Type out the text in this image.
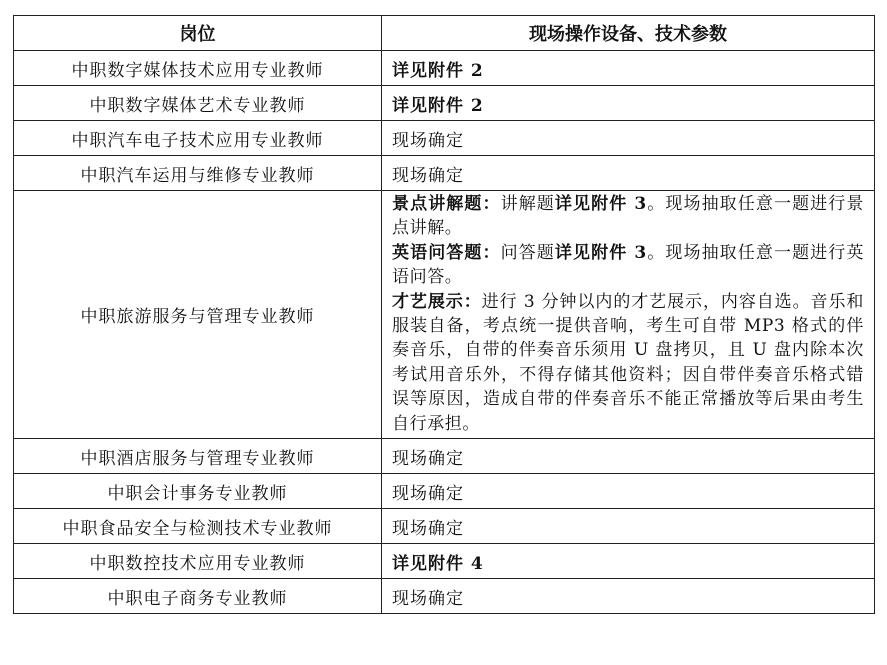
岗位	现场操作设备、技术参数
中职数字媒体技术应用专业教师	详见附件 2
中职数字媒体艺术专业教师	详见附件 2
中职汽车电子技术应用专业教师	现场确定
中职汽车运用与维修专业教师	现场确定
中职旅游服务与管理专业教师	景点讲解题：讲解题详见附件 3。现场抽取任意一题进行景点讲解。
英语问答题：问答题详见附件 3。现场抽取任意一题进行英语问答。
才艺展示：进行 3 分钟以内的才艺展示，内容自选。音乐和服装自备，考点统一提供音响，考生可自带 MP3 格式的伴奏音乐，自带的伴奏音乐须用 U 盘拷贝，且 U 盘内除本次考试用音乐外，不得存储其他资料；因自带伴奏音乐格式错误等原因，造成自带的伴奏音乐不能正常播放等后果由考生自行承担。

中职酒店服务与管理专业教师	现场确定
中职会计事务专业教师	现场确定
中职食品安全与检测技术专业教师	现场确定
中职数控技术应用专业教师	详见附件 4
中职电子商务专业教师	现场确定
